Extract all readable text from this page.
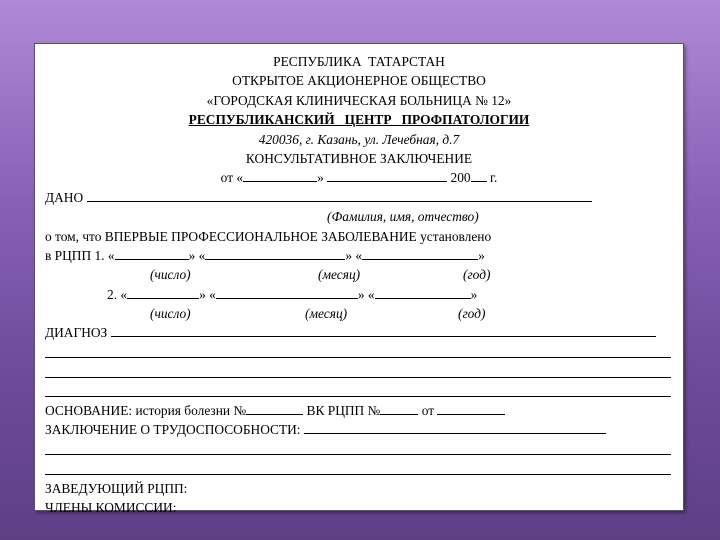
РЕСПУБЛИКА  ТАТАРСТАН
ОТКРЫТОЕ АКЦИОНЕРНОЕ ОБЩЕСТВО
«ГОРОДСКАЯ КЛИНИЧЕСКАЯ БОЛЬНИЦА № 12»
РЕСПУБЛИКАНСКИЙ   ЦЕНТР   ПРОФПАТОЛОГИИ
420036, г. Казань, ул. Лечебная, д.7
КОНСУЛЬТАТИВНОЕ ЗАКЛЮЧЕНИЕ
от «	»	200 г.
ДАНО
(Фамилия, имя, отчество)
о том, что ВПЕРВЫЕ ПРОФЕССИОНАЛЬНОЕ ЗАБОЛЕВАНИЕ установлено
в РЦПП 1. «	» «	» «	»
(число)	(месяц)	(год)
2. «	» «	» «	»
(число)	(месяц)	(год)
ДИАГНОЗ
ОСНОВАНИЕ: история болезни №	ВК РЦПП №	от
ЗАКЛЮЧЕНИЕ О ТРУДОСПОСОБНОСТИ:
ЗАВЕДУЮЩИЙ РЦПП:
ЧЛЕНЫ КОМИССИИ:
